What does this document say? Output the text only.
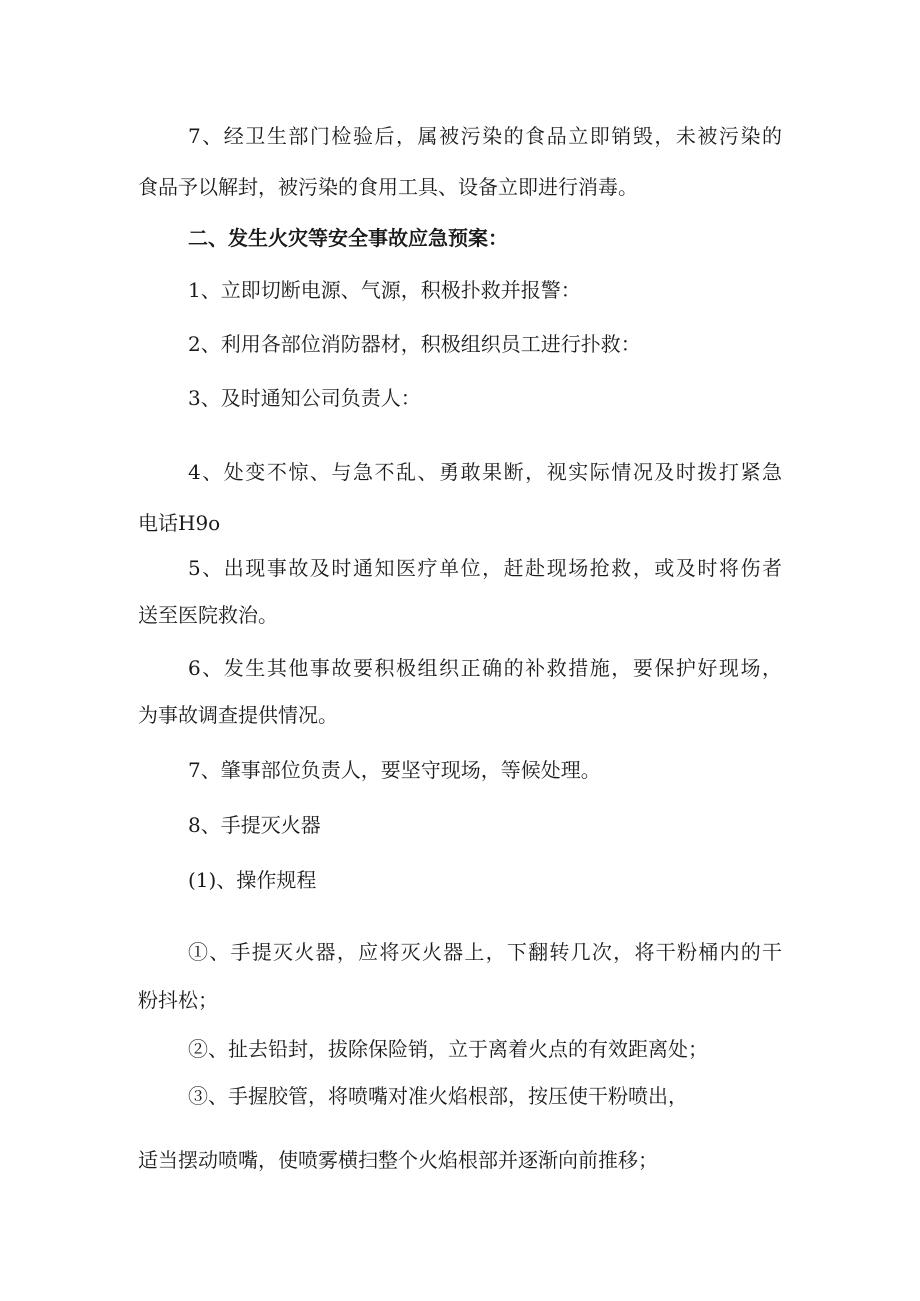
7、经卫生部门检验后，属被污染的食品立即销毁，未被污染的

食品予以解封，被污染的食用工具、设备立即进行消毒。

二、发生火灾等安全事故应急预案：

1、立即切断电源、气源，积极扑救并报警：

2、利用各部位消防器材，积极组织员工进行扑救：

3、及时通知公司负责人：

4、处变不惊、与急不乱、勇敢果断，视实际情况及时拨打紧急

电话H9o

5、出现事故及时通知医疗单位，赶赴现场抢救，或及时将伤者

送至医院救治。

6、发生其他事故要积极组织正确的补救措施，要保护好现场，

为事故调查提供情况。

7、肇事部位负责人，要坚守现场，等候处理。

8、手提灭火器

(1)、操作规程

①、手提灭火器，应将灭火器上，下翻转几次，将干粉桶内的干

粉抖松；

②、扯去铅封，拔除保险销，立于离着火点的有效距离处；

③、手握胶管，将喷嘴对准火焰根部，按压使干粉喷出，

适当摆动喷嘴，使喷雾横扫整个火焰根部并逐渐向前推移；
